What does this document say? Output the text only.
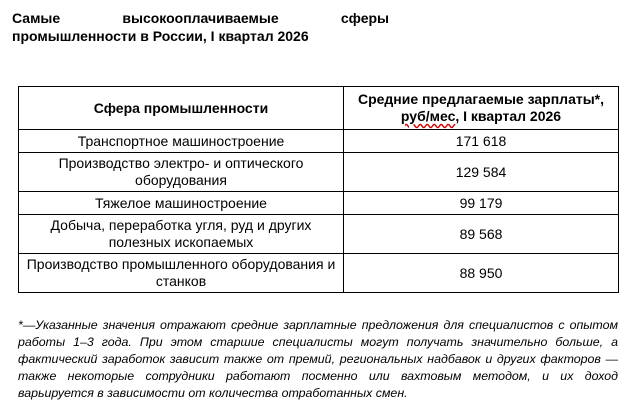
Самые	высокооплачиваемые	сферы
промышленности в России, I квартал 2026
Сфера промышленности	Средние предлагаемые зарплаты*,
руб/мес, I квартал 2026
Транспортное машиностроение	171 618
Производство электро- и оптического оборудования	129 584
Тяжелое машиностроение	99 179
Добыча, переработка угля, руд и других полезных ископаемых	89 568
Производство промышленного оборудования и станков	88 950

*—Указанные значения отражают средние зарплатные предложения для специалистов с опытом работы 1–3 года. При этом старшие специалисты могут получать значительно больше, а фактический заработок зависит также от премий, региональных надбавок и других факторов — также некоторые сотрудники работают посменно или вахтовым методом, и их доход варьируется в зависимости от количества отработанных смен.
